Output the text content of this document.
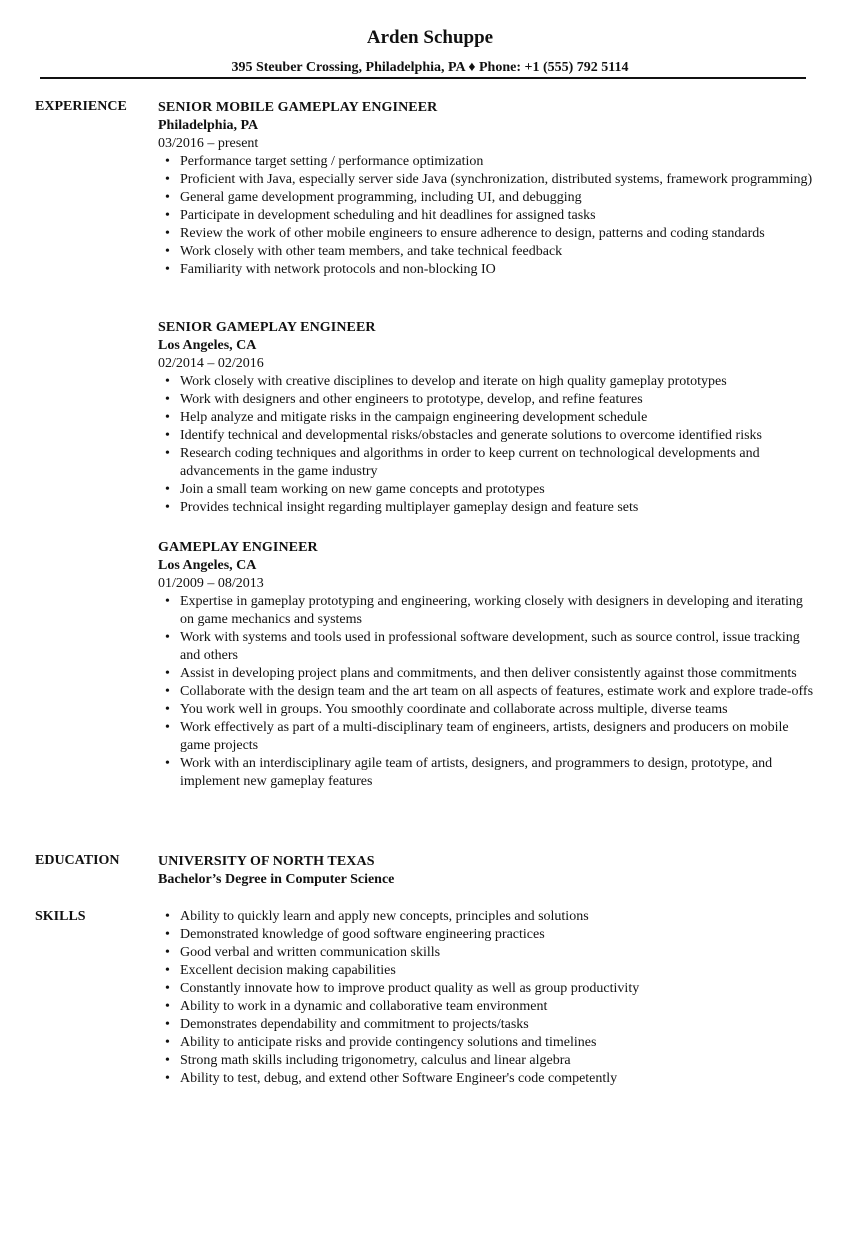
Arden Schuppe
395 Steuber Crossing, Philadelphia, PA ♦ Phone: +1 (555) 792 5114
EXPERIENCE SENIOR MOBILE GAMEPLAY ENGINEER
Philadelphia, PA
03/2016 – present
• Performance target setting / performance optimization
• Proficient with Java, especially server side Java (synchronization, distributed systems, framework programming)
• General game development programming, including UI, and debugging
• Participate in development scheduling and hit deadlines for assigned tasks
• Review the work of other mobile engineers to ensure adherence to design, patterns and coding standards
• Work closely with other team members, and take technical feedback
• Familiarity with network protocols and non-blocking IO
SENIOR GAMEPLAY ENGINEER
Los Angeles, CA
02/2014 – 02/2016
• Work closely with creative disciplines to develop and iterate on high quality gameplay prototypes
• Work with designers and other engineers to prototype, develop, and refine features
• Help analyze and mitigate risks in the campaign engineering development schedule
• Identify technical and developmental risks/obstacles and generate solutions to overcome identified risks
• Research coding techniques and algorithms in order to keep current on technological developments and advancements in the game industry
• Join a small team working on new game concepts and prototypes
• Provides technical insight regarding multiplayer gameplay design and feature sets
GAMEPLAY ENGINEER
Los Angeles, CA
01/2009 – 08/2013
• Expertise in gameplay prototyping and engineering, working closely with designers in developing and iterating on game mechanics and systems
• Work with systems and tools used in professional software development, such as source control, issue tracking and others
• Assist in developing project plans and commitments, and then deliver consistently against those commitments
• Collaborate with the design team and the art team on all aspects of features, estimate work and explore trade-offs
• You work well in groups. You smoothly coordinate and collaborate across multiple, diverse teams
• Work effectively as part of a multi-disciplinary team of engineers, artists, designers and producers on mobile game projects
• Work with an interdisciplinary agile team of artists, designers, and programmers to design, prototype, and implement new gameplay features
EDUCATION	UNIVERSITY OF NORTH TEXAS
Bachelor’s Degree in Computer Science
SKILLS	• Ability to quickly learn and apply new concepts, principles and solutions
• Demonstrated knowledge of good software engineering practices
• Good verbal and written communication skills
• Excellent decision making capabilities
• Constantly innovate how to improve product quality as well as group productivity
• Ability to work in a dynamic and collaborative team environment
• Demonstrates dependability and commitment to projects/tasks
• Ability to anticipate risks and provide contingency solutions and timelines
• Strong math skills including trigonometry, calculus and linear algebra
• Ability to test, debug, and extend other Software Engineer's code competently
